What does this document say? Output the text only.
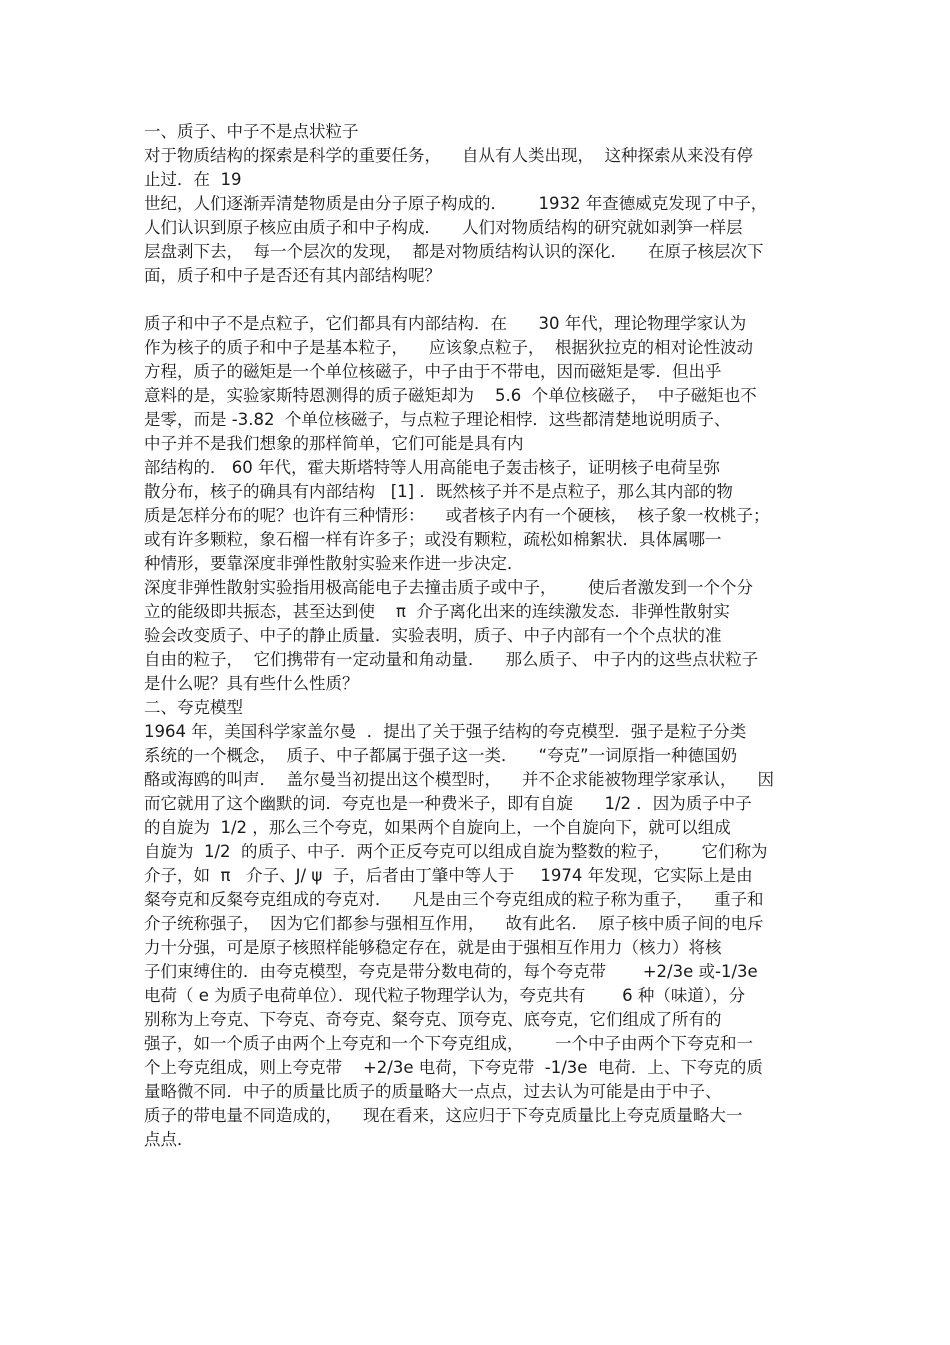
一、质子、中子不是点状粒子
对于物质结构的探索是科学的重要任务，    自从有人类出现，  这种探索从来没有停
止过．在  19
世纪，人们逐渐弄清楚物质是由分子原子构成的．      1932 年查德威克发现了中子，
人们认识到原子核应由质子和中子构成．    人们对物质结构的研究就如剥笋一样层
层盘剥下去，  每一个层次的发现，  都是对物质结构认识的深化．    在原子核层次下
面，质子和中子是否还有其内部结构呢？
质子和中子不是点粒子，它们都具有内部结构．在      30 年代，理论物理学家认为
作为核子的质子和中子是基本粒子，    应该象点粒子，  根据狄拉克的相对论性波动
方程，质子的磁矩是一个单位核磁子，中子由于不带电，因而磁矩是零．但出乎
意料的是，实验家斯特恩测得的质子磁矩却为    5.6  个单位核磁子，  中子磁矩也不
是零，而是 -3.82  个单位核磁子，与点粒子理论相悖．这些都清楚地说明质子、
中子并不是我们想象的那样简单，它们可能是具有内
部结构的． 60 年代，霍夫斯塔特等人用高能电子轰击核子，证明核子电荷呈弥
散分布，核子的确具有内部结构   [1] ．既然核子并不是点粒子，那么其内部的物
质是怎样分布的呢？也许有三种情形：    或者核子内有一个硬核，  核子象一枚桃子；
或有许多颗粒，象石榴一样有许多子；或没有颗粒，疏松如棉絮状．具体属哪一
种情形，要靠深度非弹性散射实验来作进一步决定．
深度非弹性散射实验指用极高能电子去撞击质子或中子，      使后者激发到一个个分
立的能级即共振态，甚至达到使    π  介子离化出来的连续激发态．非弹性散射实
验会改变质子、中子的静止质量．实验表明，质子、中子内部有一个个点状的准
自由的粒子，  它们携带有一定动量和角动量．    那么质子、 中子内的这些点状粒子
是什么呢？具有些什么性质？
二、夸克模型
1964 年，美国科学家盖尔曼  ．提出了关于强子结构的夸克模型．强子是粒子分类
系统的一个概念，  质子、中子都属于强子这一类．    “夸克”一词原指一种德国奶
酪或海鸥的叫声．  盖尔曼当初提出这个模型时，    并不企求能被物理学家承认，    因
而它就用了这个幽默的词．夸克也是一种费米子，即有自旋      1/2 ．因为质子中子
的自旋为  1/2 ，那么三个夸克，如果两个自旋向上，一个自旋向下，就可以组成
自旋为  1/2  的质子、中子．两个正反夸克可以组成自旋为整数的粒子，      它们称为
介子，如  π   介子、J/ ψ  子，后者由丁肇中等人于     1974 年发现，它实际上是由
粲夸克和反粲夸克组成的夸克对．    凡是由三个夸克组成的粒子称为重子，    重子和
介子统称强子，  因为它们都参与强相互作用，    故有此名．  原子核中质子间的电斥
力十分强，可是原子核照样能够稳定存在，就是由于强相互作用力（核力）将核
子们束缚住的．由夸克模型，夸克是带分数电荷的，每个夸克带       +2/3e 或-1/3e
电荷（ e 为质子电荷单位）．现代粒子物理学认为，夸克共有       6 种（味道），分
别称为上夸克、下夸克、奇夸克、粲夸克、顶夸克、底夸克，它们组成了所有的
强子，如一个质子由两个上夸克和一个下夸克组成，      一个中子由两个下夸克和一
个上夸克组成，则上夸克带    +2/3e 电荷，下夸克带  -1/3e  电荷．上、下夸克的质
量略微不同．中子的质量比质子的质量略大一点点，过去认为可能是由于中子、
质子的带电量不同造成的，    现在看来，这应归于下夸克质量比上夸克质量略大一
点点．
